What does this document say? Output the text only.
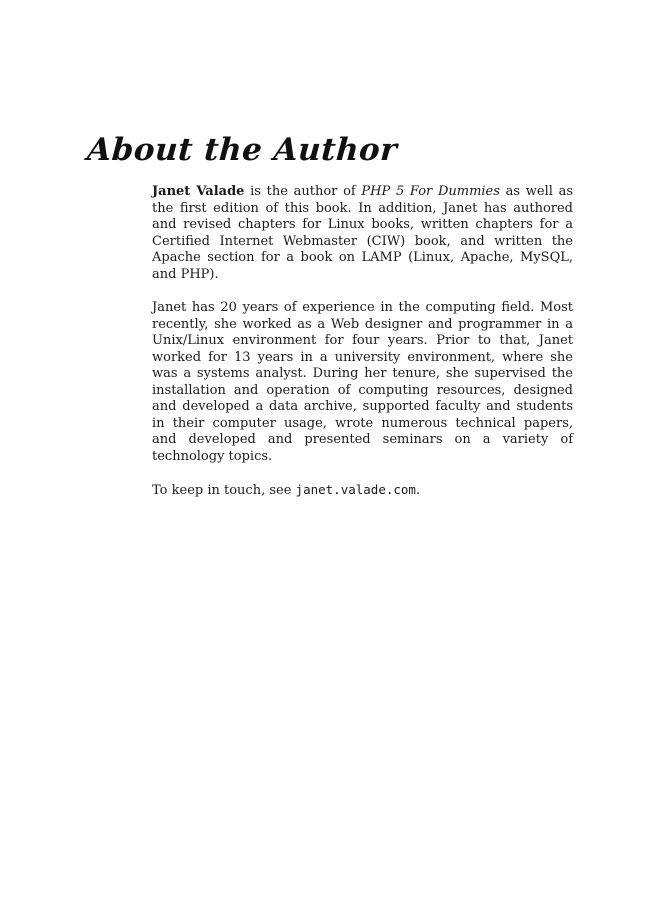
About the Author

Janet Valade is the author of PHP 5 For Dummies as well as the first edition of this book. In addition, Janet has authored and revised chapters for Linux books, written chapters for a Certified Internet Webmaster (CIW) book, and written the Apache section for a book on LAMP (Linux, Apache, MySQL, and PHP).

Janet has 20 years of experience in the computing field. Most recently, she worked as a Web designer and programmer in a Unix/Linux environment for four years. Prior to that, Janet worked for 13 years in a university environment, where she was a systems analyst. During her tenure, she supervised the installation and operation of computing resources, designed and developed a data archive, supported faculty and students in their computer usage, wrote numerous technical papers, and developed and presented seminars on a variety of technology topics.

To keep in touch, see janet.valade.com.
